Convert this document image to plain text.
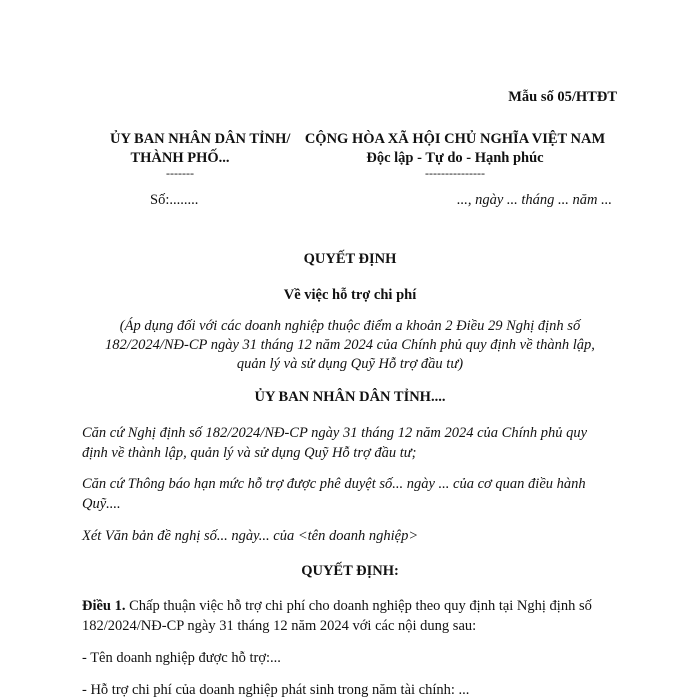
Mẫu số 05/HTĐT
ỦY BAN NHÂN DÂN TỈNH/
THÀNH PHỐ...
-------
Số:........
CỘNG HÒA XÃ HỘI CHỦ NGHĨA VIỆT NAM
Độc lập - Tự do - Hạnh phúc
---------------
..., ngày ... tháng ... năm ...
QUYẾT ĐỊNH
Về việc hỗ trợ chi phí
(Áp dụng đối với các doanh nghiệp thuộc điểm a khoản 2 Điều 29 Nghị định số
182/2024/NĐ-CP ngày 31 tháng 12 năm 2024 của Chính phủ quy định về thành lập,
quản lý và sử dụng Quỹ Hỗ trợ đầu tư)
ỦY BAN NHÂN DÂN TỈNH....
Căn cứ Nghị định số 182/2024/NĐ-CP ngày 31 tháng 12 năm 2024 của Chính phủ quy
định về thành lập, quản lý và sử dụng Quỹ Hỗ trợ đầu tư;
Căn cứ Thông báo hạn mức hỗ trợ được phê duyệt số... ngày ... của cơ quan điều hành
Quỹ....
Xét Văn bản đề nghị số... ngày... của <tên doanh nghiệp>
QUYẾT ĐỊNH:
Điều 1. Chấp thuận việc hỗ trợ chi phí cho doanh nghiệp theo quy định tại Nghị định số
182/2024/NĐ-CP ngày 31 tháng 12 năm 2024 với các nội dung sau:
- Tên doanh nghiệp được hỗ trợ:...
- Hỗ trợ chi phí của doanh nghiệp phát sinh trong năm tài chính: ...
